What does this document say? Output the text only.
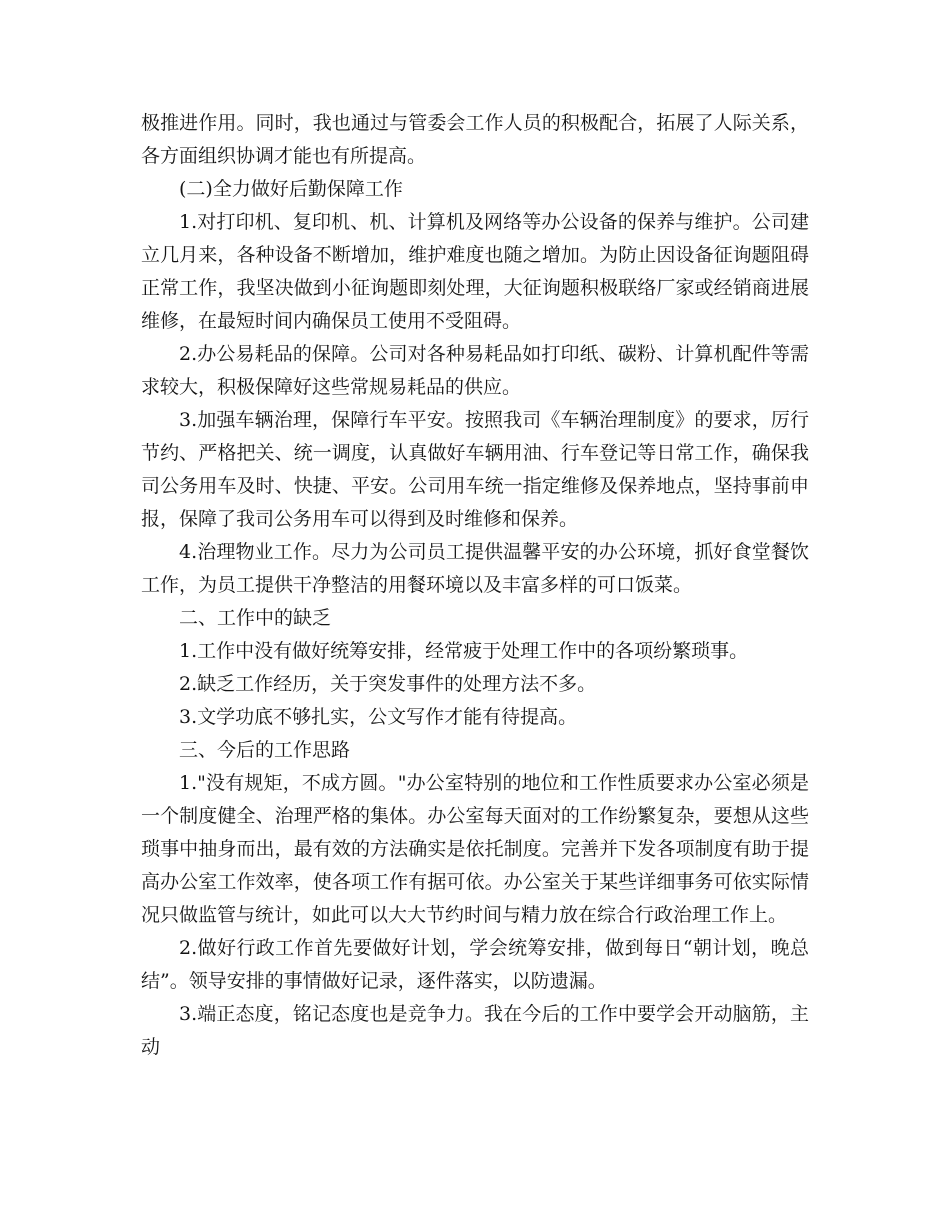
极推进作用。同时，我也通过与管委会工作人员的积极配合，拓展了人际关系，各方面组织协调才能也有所提高。

(二)全力做好后勤保障工作

1.对打印机、复印机、机、计算机及网络等办公设备的保养与维护。公司建立几月来，各种设备不断增加，维护难度也随之增加。为防止因设备征询题阻碍正常工作，我坚决做到小征询题即刻处理，大征询题积极联络厂家或经销商进展维修，在最短时间内确保员工使用不受阻碍。

2.办公易耗品的保障。公司对各种易耗品如打印纸、碳粉、计算机配件等需求较大，积极保障好这些常规易耗品的供应。

3.加强车辆治理，保障行车平安。按照我司《车辆治理制度》的要求，厉行节约、严格把关、统一调度，认真做好车辆用油、行车登记等日常工作，确保我司公务用车及时、快捷、平安。公司用车统一指定维修及保养地点，坚持事前申报，保障了我司公务用车可以得到及时维修和保养。

4.治理物业工作。尽力为公司员工提供温馨平安的办公环境，抓好食堂餐饮工作，为员工提供干净整洁的用餐环境以及丰富多样的可口饭菜。

二、工作中的缺乏

1.工作中没有做好统筹安排，经常疲于处理工作中的各项纷繁琐事。

2.缺乏工作经历，关于突发事件的处理方法不多。

3.文学功底不够扎实，公文写作才能有待提高。

三、今后的工作思路

1."没有规矩，不成方圆。"办公室特别的地位和工作性质要求办公室必须是一个制度健全、治理严格的集体。办公室每天面对的工作纷繁复杂，要想从这些琐事中抽身而出，最有效的方法确实是依托制度。完善并下发各项制度有助于提高办公室工作效率，使各项工作有据可依。办公室关于某些详细事务可依实际情况只做监管与统计，如此可以大大节约时间与精力放在综合行政治理工作上。

2.做好行政工作首先要做好计划，学会统筹安排，做到每日“朝计划，晚总结”。领导安排的事情做好记录，逐件落实，以防遗漏。

3.端正态度，铭记态度也是竞争力。我在今后的工作中要学会开动脑筋，主动
